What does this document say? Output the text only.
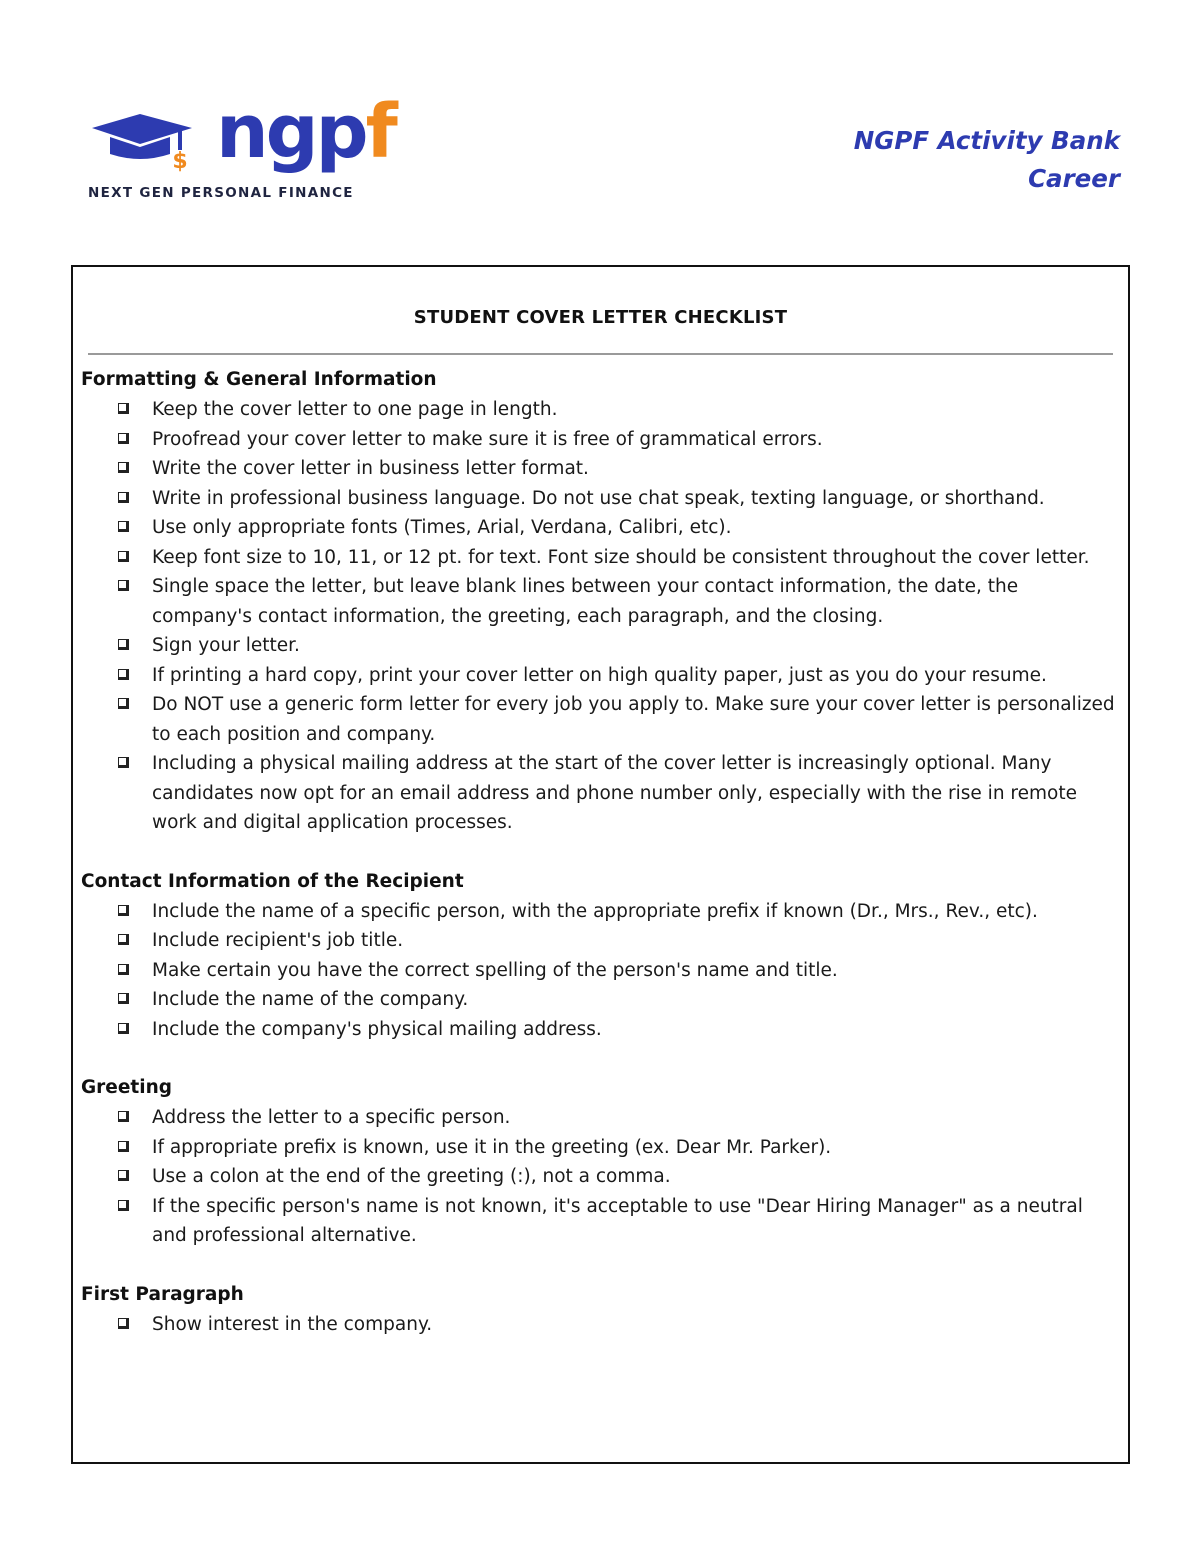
$ ngpf
NEXT GEN PERSONAL FINANCE
NGPF Activity Bank
Career
STUDENT COVER LETTER CHECKLIST
Formatting & General Information
Keep the cover letter to one page in length.
Proofread your cover letter to make sure it is free of grammatical errors.
Write the cover letter in business letter format.
Write in professional business language. Do not use chat speak, texting language, or shorthand.
Use only appropriate fonts (Times, Arial, Verdana, Calibri, etc).
Keep font size to 10, 11, or 12 pt. for text. Font size should be consistent throughout the cover letter.
Single space the letter, but leave blank lines between your contact information, the date, the company's contact information, the greeting, each paragraph, and the closing.
Sign your letter.
If printing a hard copy, print your cover letter on high quality paper, just as you do your resume.
Do NOT use a generic form letter for every job you apply to. Make sure your cover letter is personalized to each position and company.
Including a physical mailing address at the start of the cover letter is increasingly optional. Many candidates now opt for an email address and phone number only, especially with the rise in remote work and digital application processes.
Contact Information of the Recipient
Include the name of a specific person, with the appropriate prefix if known (Dr., Mrs., Rev., etc).
Include recipient's job title.
Make certain you have the correct spelling of the person's name and title.
Include the name of the company.
Include the company's physical mailing address.
Greeting
Address the letter to a specific person.
If appropriate prefix is known, use it in the greeting (ex. Dear Mr. Parker).
Use a colon at the end of the greeting (:), not a comma.
If the specific person's name is not known, it's acceptable to use "Dear Hiring Manager" as a neutral and professional alternative.
First Paragraph
Show interest in the company.
